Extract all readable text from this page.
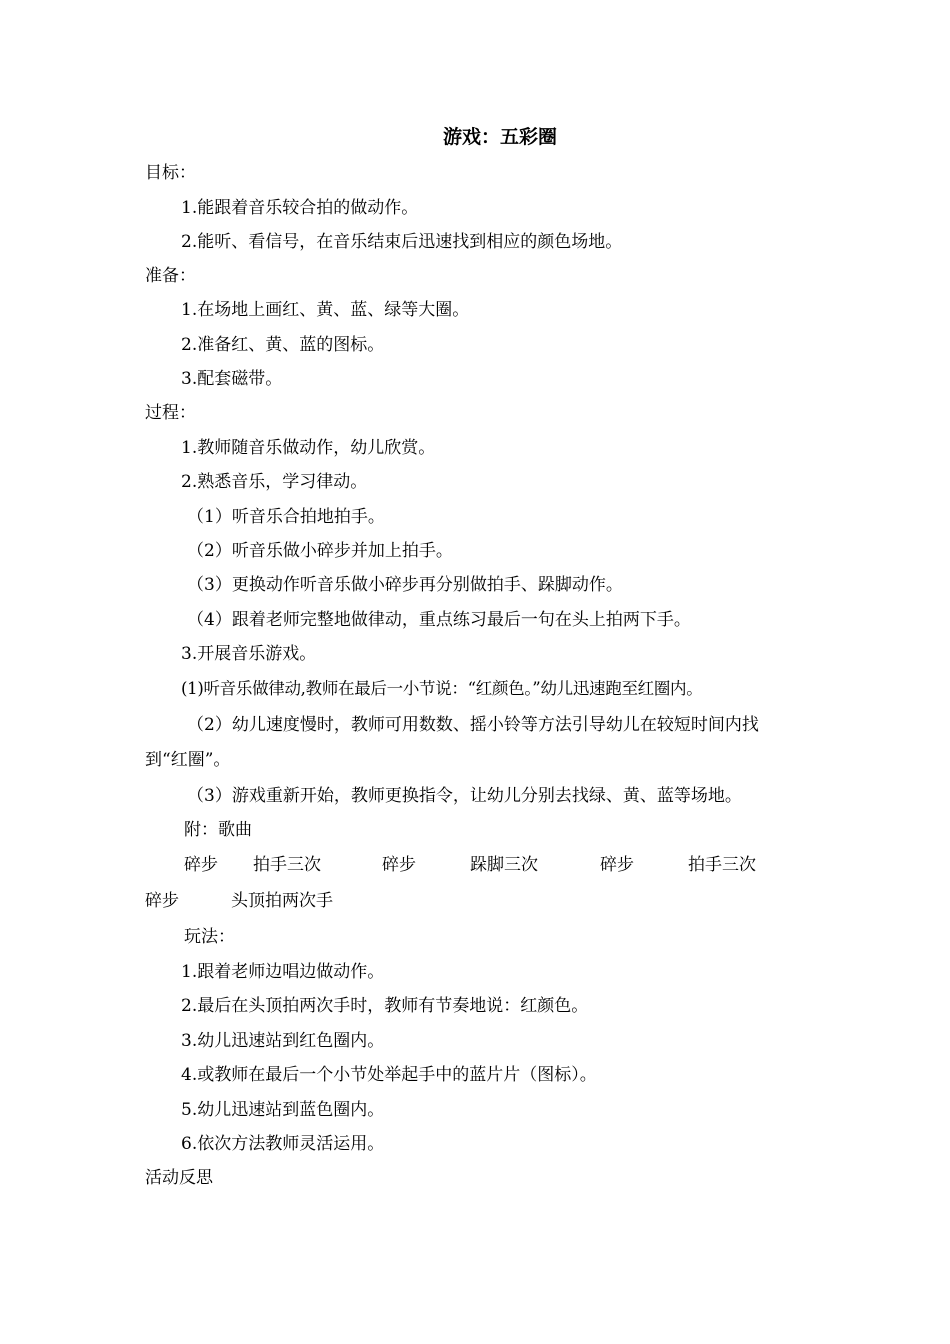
游戏：五彩圈
目标：
1.能跟着音乐较合拍的做动作。
2.能听、看信号，在音乐结束后迅速找到相应的颜色场地。
准备：
1.在场地上画红、黄、蓝、绿等大圈。
2.准备红、黄、蓝的图标。
3.配套磁带。
过程：
1.教师随音乐做动作，幼儿欣赏。
2.熟悉音乐，学习律动。
（1）听音乐合拍地拍手。
（2）听音乐做小碎步并加上拍手。
（3）更换动作听音乐做小碎步再分别做拍手、跺脚动作。
（4）跟着老师完整地做律动，重点练习最后一句在头上拍两下手。
3.开展音乐游戏。
(1)听音乐做律动,教师在最后一小节说：“红颜色。”幼儿迅速跑至红圈内。
（2）幼儿速度慢时，教师可用数数、摇小铃等方法引导幼儿在较短时间内找
到“红圈”。
（3）游戏重新开始，教师更换指令，让幼儿分别去找绿、黄、蓝等场地。
附：歌曲
碎步 拍手三次	碎步	跺脚三次	碎步	拍手三次
碎步	头顶拍两次手
玩法：
1.跟着老师边唱边做动作。
2.最后在头顶拍两次手时，教师有节奏地说：红颜色。
3.幼儿迅速站到红色圈内。
4.或教师在最后一个小节处举起手中的蓝片片（图标）。
5.幼儿迅速站到蓝色圈内。
6.依次方法教师灵活运用。
活动反思
